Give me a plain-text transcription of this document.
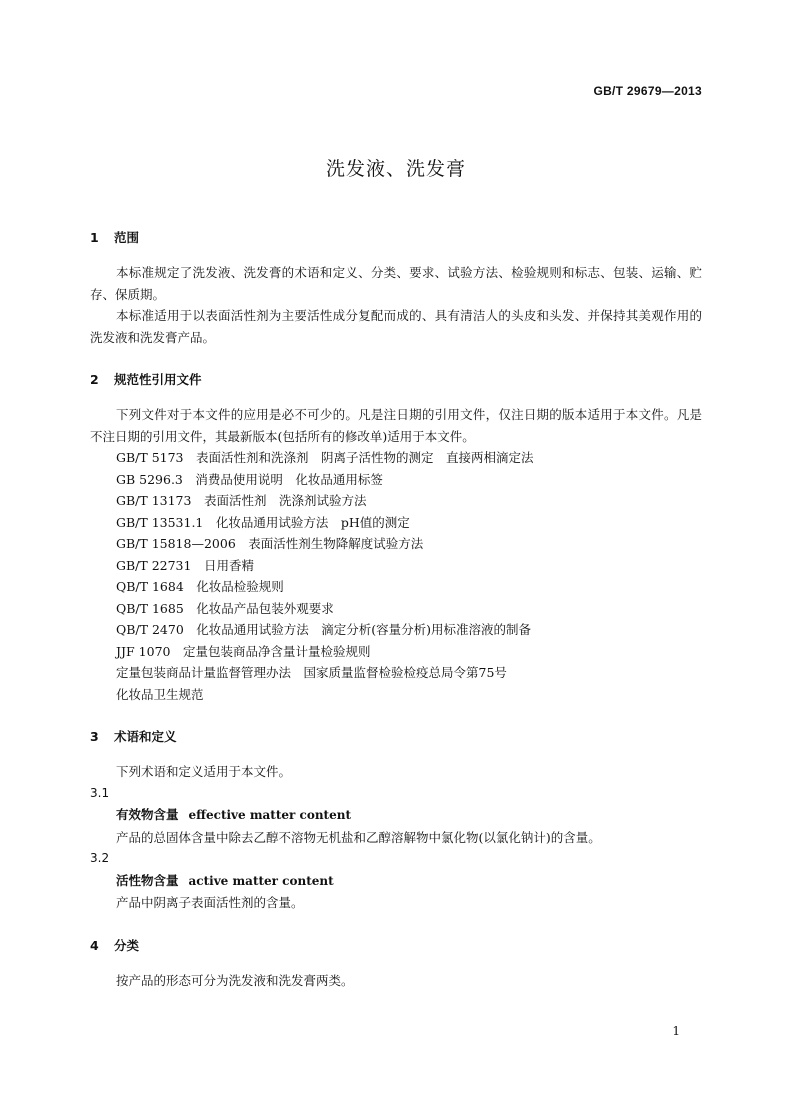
GB/T 29679—2013
洗发液、洗发膏
1 范围

本标准规定了洗发液、洗发膏的术语和定义、分类、要求、试验方法、检验规则和标志、包装、运输、贮存、保质期。

本标准适用于以表面活性剂为主要活性成分复配而成的、具有清洁人的头皮和头发、并保持其美观作用的洗发液和洗发膏产品。

2 规范性引用文件

下列文件对于本文件的应用是必不可少的。凡是注日期的引用文件，仅注日期的版本适用于本文件。凡是不注日期的引用文件，其最新版本(包括所有的修改单)适用于本文件。

GB/T 5173　表面活性剂和洗涤剂　阴离子活性物的测定　直接两相滴定法

GB 5296.3　消费品使用说明　化妆品通用标签

GB/T 13173　表面活性剂　洗涤剂试验方法

GB/T 13531.1　化妆品通用试验方法　pH值的测定

GB/T 15818—2006　表面活性剂生物降解度试验方法

GB/T 22731　日用香精

QB/T 1684　化妆品检验规则

QB/T 1685　化妆品产品包装外观要求

QB/T 2470　化妆品通用试验方法　滴定分析(容量分析)用标准溶液的制备

JJF 1070　定量包装商品净含量计量检验规则

定量包装商品计量监督管理办法　国家质量监督检验检疫总局令第75号

化妆品卫生规范

3 术语和定义

下列术语和定义适用于本文件。

3.1

有效物含量 effective matter content

产品的总固体含量中除去乙醇不溶物无机盐和乙醇溶解物中氯化物(以氯化钠计)的含量。

3.2

活性物含量 active matter content

产品中阴离子表面活性剂的含量。

4 分类

按产品的形态可分为洗发液和洗发膏两类。

1
